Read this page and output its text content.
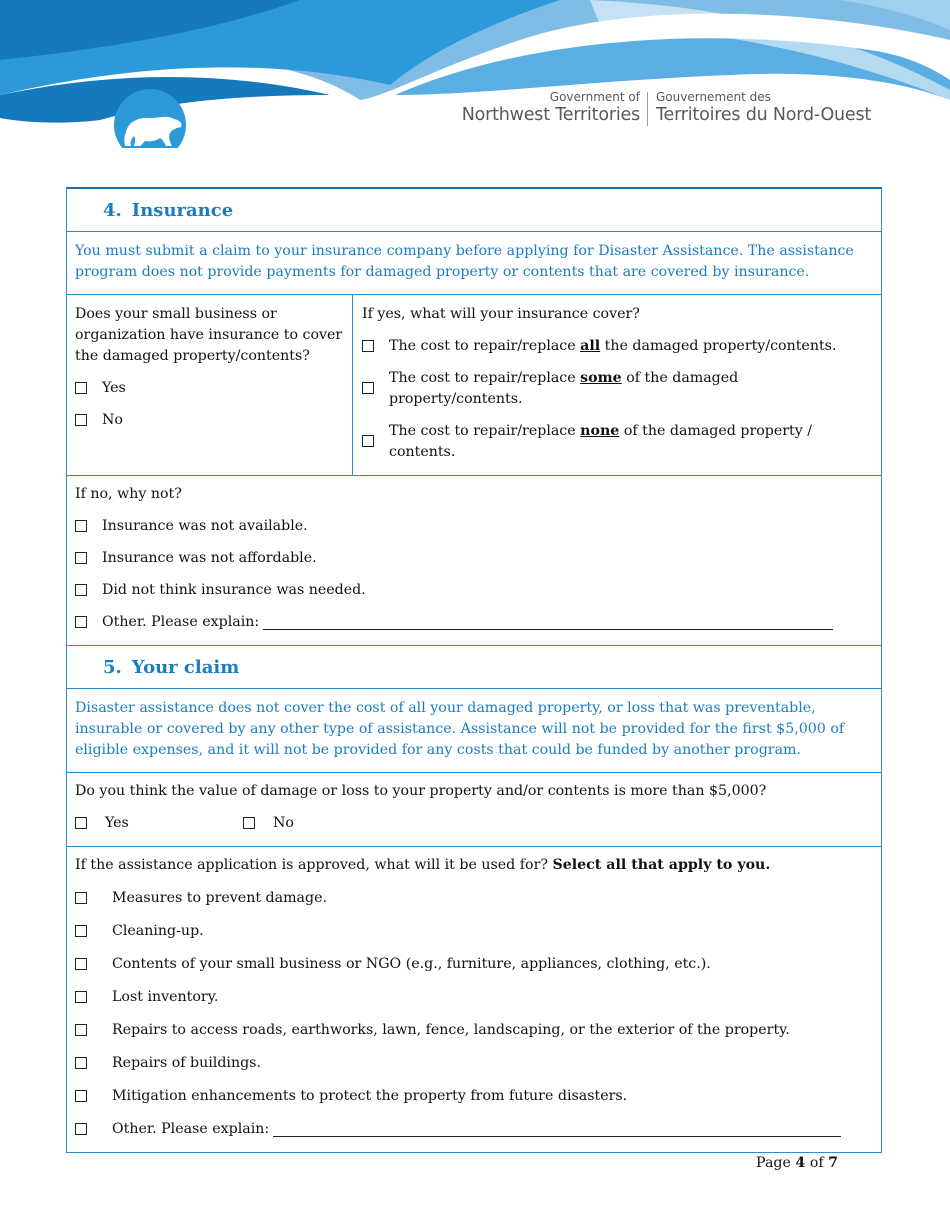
Government of
Northwest Territories
Gouvernement des
Territoires du Nord-Ouest
4. Insurance
You must submit a claim to your insurance company before applying for Disaster Assistance. The assistance program does not provide payments for damaged property or contents that are covered by insurance.
Does your small business or organization have insurance to cover the damaged property/contents?
Yes
No
If yes, what will your insurance cover?
The cost to repair/replace all the damaged property/contents.
The cost to repair/replace some of the damaged property/contents.
The cost to repair/replace none of the damaged property / contents.
If no, why not?
Insurance was not available.
Insurance was not affordable.
Did not think insurance was needed.
Other. Please explain:
5. Your claim
Disaster assistance does not cover the cost of all your damaged property, or loss that was preventable, insurable or covered by any other type of assistance. Assistance will not be provided for the first $5,000 of eligible expenses, and it will not be provided for any costs that could be funded by another program.
Do you think the value of damage or loss to your property and/or contents is more than $5,000?
Yes	No
If the assistance application is approved, what will it be used for? Select all that apply to you.
Measures to prevent damage.
Cleaning-up.
Contents of your small business or NGO (e.g., furniture, appliances, clothing, etc.).
Lost inventory.
Repairs to access roads, earthworks, lawn, fence, landscaping, or the exterior of the property.
Repairs of buildings.
Mitigation enhancements to protect the property from future disasters.
Other. Please explain:
Page 4 of 7
